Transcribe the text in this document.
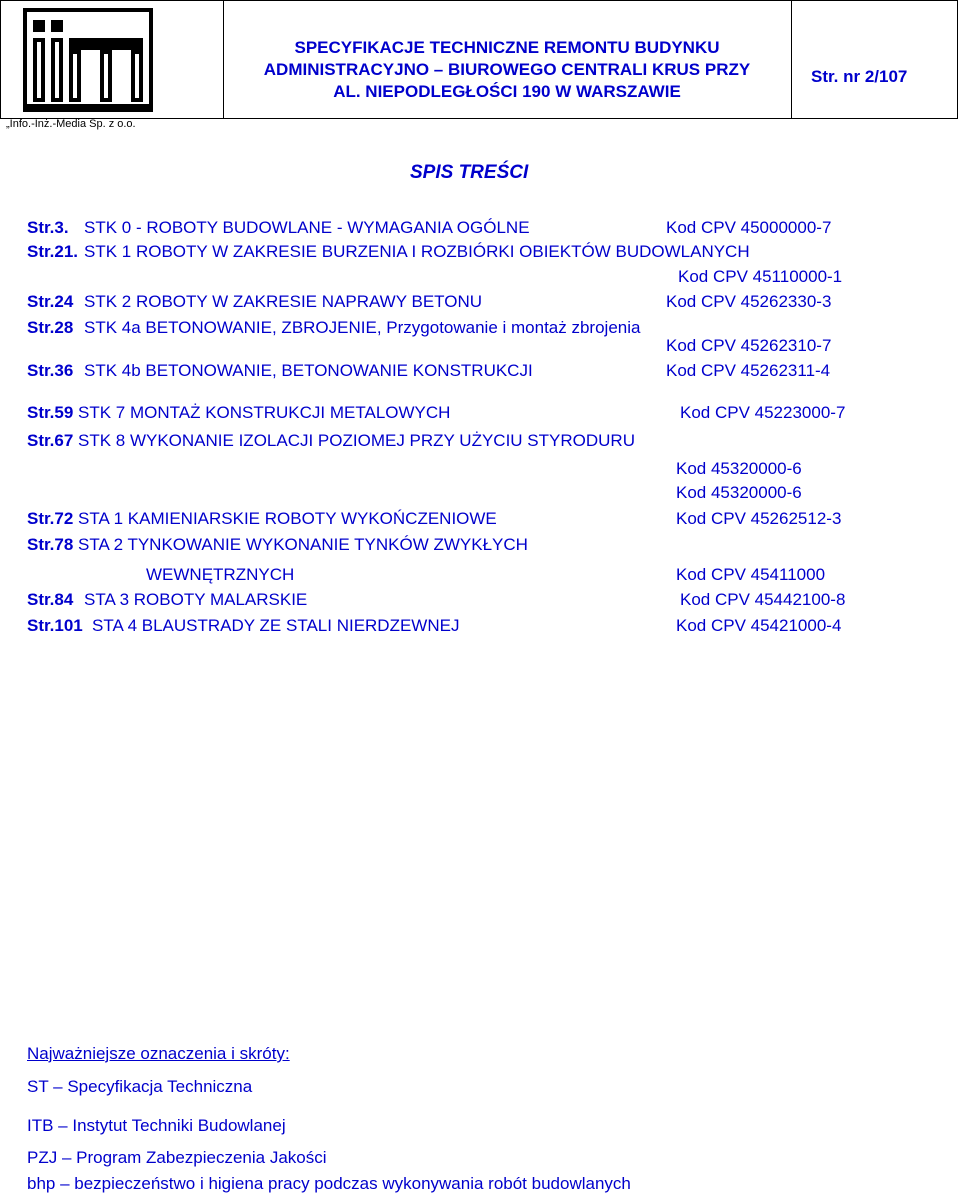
SPECYFIKACJE TECHNICZNE REMONTU BUDYNKU
ADMINISTRACYJNO – BIUROWEGO CENTRALI KRUS PRZY
AL. NIEPODLEGŁOŚCI 190 W WARSZAWIE
Str. nr 2/107
„Info.-Inż.-Media Sp. z o.o.
SPIS TREŚCI
Str.3. STK 0 - ROBOTY BUDOWLANE - WYMAGANIA OGÓLNE	Kod CPV 45000000-7
Str.21. STK 1 ROBOTY W ZAKRESIE BURZENIA I ROZBIÓRKI OBIEKTÓW BUDOWLANYCH
Kod CPV 45110000-1
Str.24 STK 2 ROBOTY W ZAKRESIE NAPRAWY BETONU	Kod CPV 45262330-3
Str.28 STK 4a BETONOWANIE, ZBROJENIE, Przygotowanie i montaż zbrojenia
Kod CPV 45262310-7
Str.36 STK 4b BETONOWANIE, BETONOWANIE KONSTRUKCJI	Kod CPV 45262311-4
Str.59 STK 7 MONTAŻ KONSTRUKCJI METALOWYCH	Kod CPV 45223000-7
Str.67 STK 8 WYKONANIE IZOLACJI POZIOMEJ PRZY UŻYCIU STYRODURU
Kod 45320000-6
Kod 45320000-6
Str.72 STA 1 KAMIENIARSKIE ROBOTY WYKOŃCZENIOWE	Kod CPV 45262512-3
Str.78 STA 2 TYNKOWANIE WYKONANIE TYNKÓW ZWYKŁYCH
WEWNĘTRZNYCH	Kod CPV 45411000
Str.84 STA 3 ROBOTY MALARSKIE	Kod CPV 45442100-8
Str.101 STA 4 BLAUSTRADY ZE STALI NIERDZEWNEJ	Kod CPV 45421000-4
Najważniejsze oznaczenia i skróty:
ST – Specyfikacja Techniczna
ITB – Instytut Techniki Budowlanej
PZJ – Program Zabezpieczenia Jakości
bhp – bezpieczeństwo i higiena pracy podczas wykonywania robót budowlanych
